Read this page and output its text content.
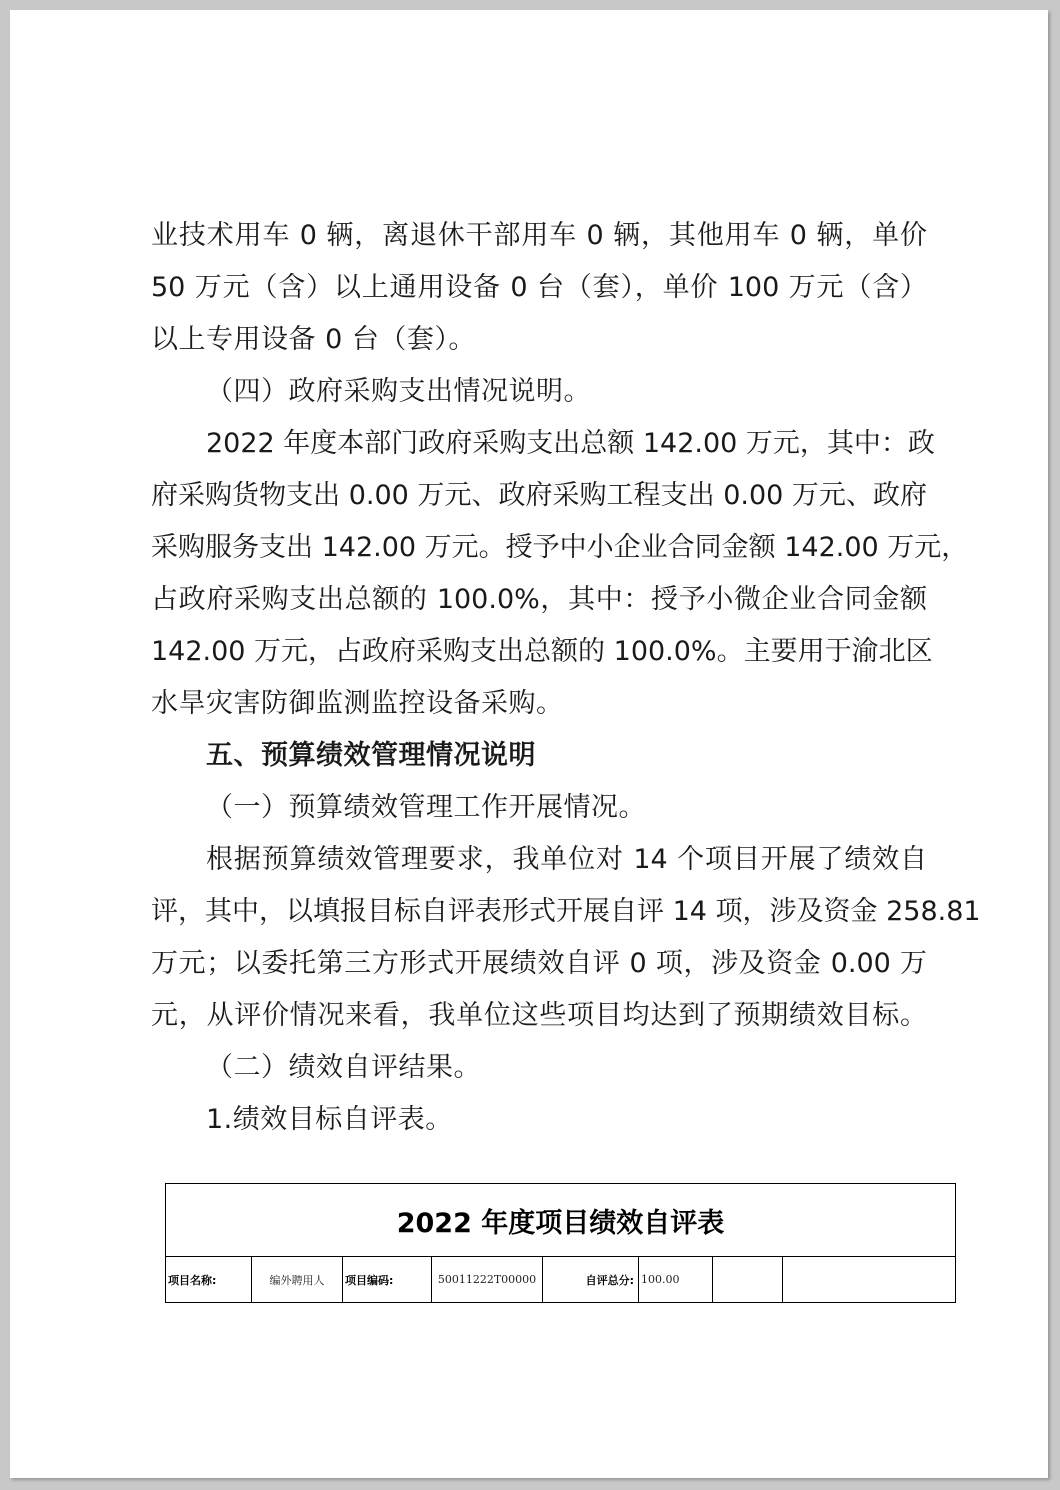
业技术用车 0 辆，离退休干部用车 0 辆，其他用车 0 辆，单价
50 万元（含）以上通用设备 0 台（套），单价 100 万元（含）
以上专用设备 0 台（套）。
（四）政府采购支出情况说明。
2022 年度本部门政府采购支出总额 142.00 万元，其中：政
府采购货物支出 0.00 万元、政府采购工程支出 0.00 万元、政府
采购服务支出 142.00 万元。授予中小企业合同金额 142.00 万元，
占政府采购支出总额的 100.0%，其中：授予小微企业合同金额
142.00 万元，占政府采购支出总额的 100.0%。主要用于渝北区
水旱灾害防御监测监控设备采购。
五、预算绩效管理情况说明
（一）预算绩效管理工作开展情况。
根据预算绩效管理要求，我单位对 14 个项目开展了绩效自
评，其中，以填报目标自评表形式开展自评 14 项，涉及资金 258.81
万元；以委托第三方形式开展绩效自评 0 项，涉及资金 0.00 万
元，从评价情况来看，我单位这些项目均达到了预期绩效目标。
（二）绩效自评结果。
1.绩效目标自评表。
2022 年度项目绩效自评表
项目名称:	编外聘用人	项目编码:	50011222T00000	自评总分: 100.00
